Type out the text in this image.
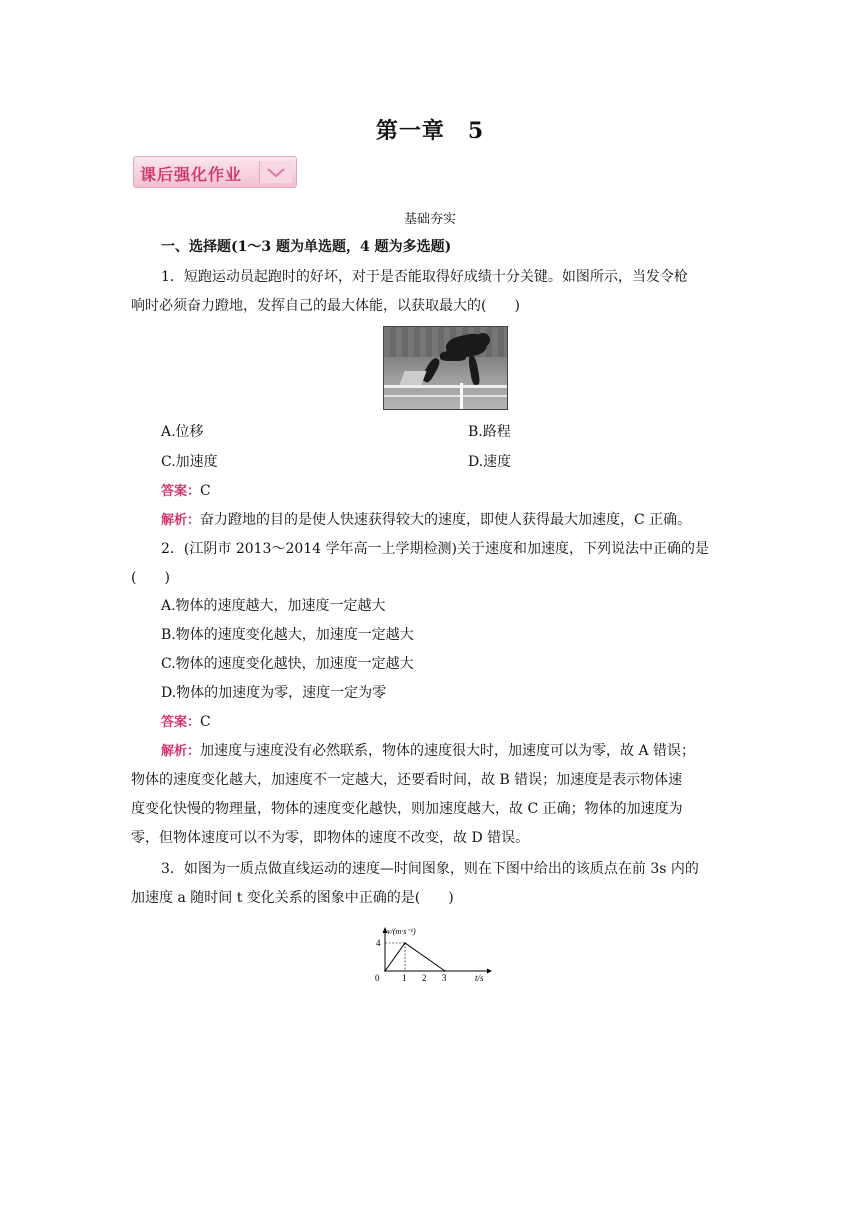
第一章　5
课后强化作业
基础夯实
一、选择题(1～3 题为单选题，4 题为多选题)
1．短跑运动员起跑时的好坏，对于是否能取得好成绩十分关键。如图所示，当发令枪
响时必须奋力蹬地，发挥自己的最大体能，以获取最大的(　　)
A.位移	B.路程
C.加速度	D.速度
答案：C
解析：奋力蹬地的目的是使人快速获得较大的速度，即使人获得最大加速度，C 正确。
2．(江阴市 2013～2014 学年高一上学期检测)关于速度和加速度，下列说法中正确的是
(　　)
A.物体的速度越大，加速度一定越大
B.物体的速度变化越大，加速度一定越大
C.物体的速度变化越快，加速度一定越大
D.物体的加速度为零，速度一定为零
答案：C
解析：加速度与速度没有必然联系，物体的速度很大时，加速度可以为零，故 A 错误；
物体的速度变化越大，加速度不一定越大，还要看时间，故 B 错误；加速度是表示物体速
度变化快慢的物理量，物体的速度变化越快，则加速度越大，故 C 正确；物体的加速度为
零，但物体速度可以不为零，即物体的速度不改变，故 D 错误。
3．如图为一质点做直线运动的速度—时间图象，则在下图中给出的该质点在前 3s 内的
加速度 a 随时间 t 变化关系的图象中正确的是(　　)
v/(m·s⁻¹)
t/s
4
0	1 2 3
